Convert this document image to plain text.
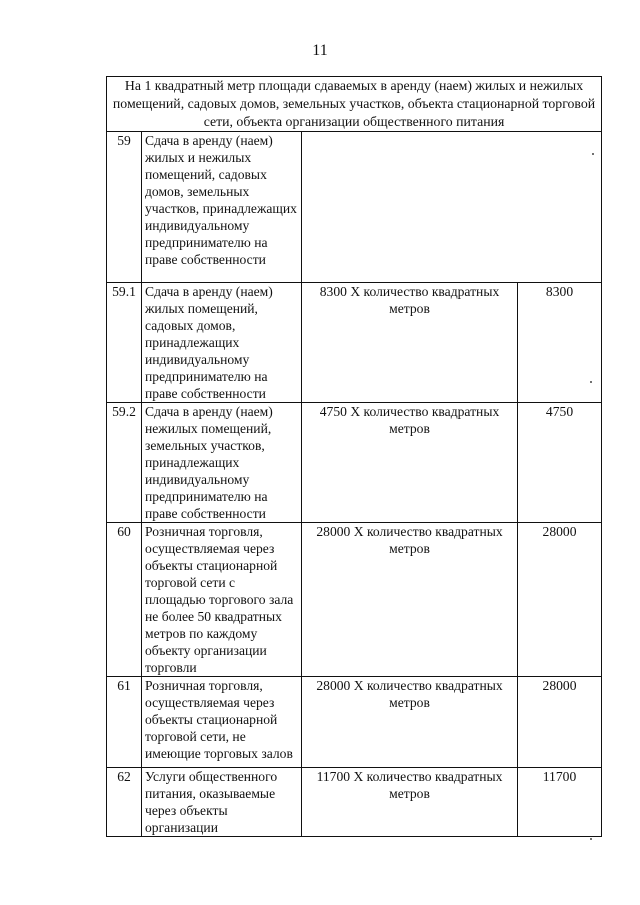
11
На 1 квадратный метр площади сдаваемых в аренду (наем) жилых и нежилых помещений, садовых домов, земельных участков, объекта стационарной торговой сети, объекта организации общественного питания			
59	Сдача в аренду (наем) жилых и нежилых помещений, садовых домов, земельных участков, принадлежащих индивидуальному предпринимателю на праве собственности		
59.1	Сдача в аренду (наем) жилых помещений, садовых домов, принадлежащих индивидуальному предпринимателю на праве собственности	8300 X количество квадратных метров	8300
59.2	Сдача в аренду (наем) нежилых помещений, земельных участков, принадлежащих индивидуальному предпринимателю на праве собственности	4750 X количество квадратных метров	4750
60	Розничная торговля, осуществляемая через объекты стационарной торговой сети с площадью торгового зала не более 50 квадратных метров по каждому объекту организации торговли	28000 X количество квадратных метров	28000
61	Розничная торговля, осуществляемая через объекты стационарной торговой сети, не имеющие торговых залов	28000 X количество квадратных метров	28000
62	Услуги общественного питания, оказываемые через объекты организации	11700 X количество квадратных метров	11700
